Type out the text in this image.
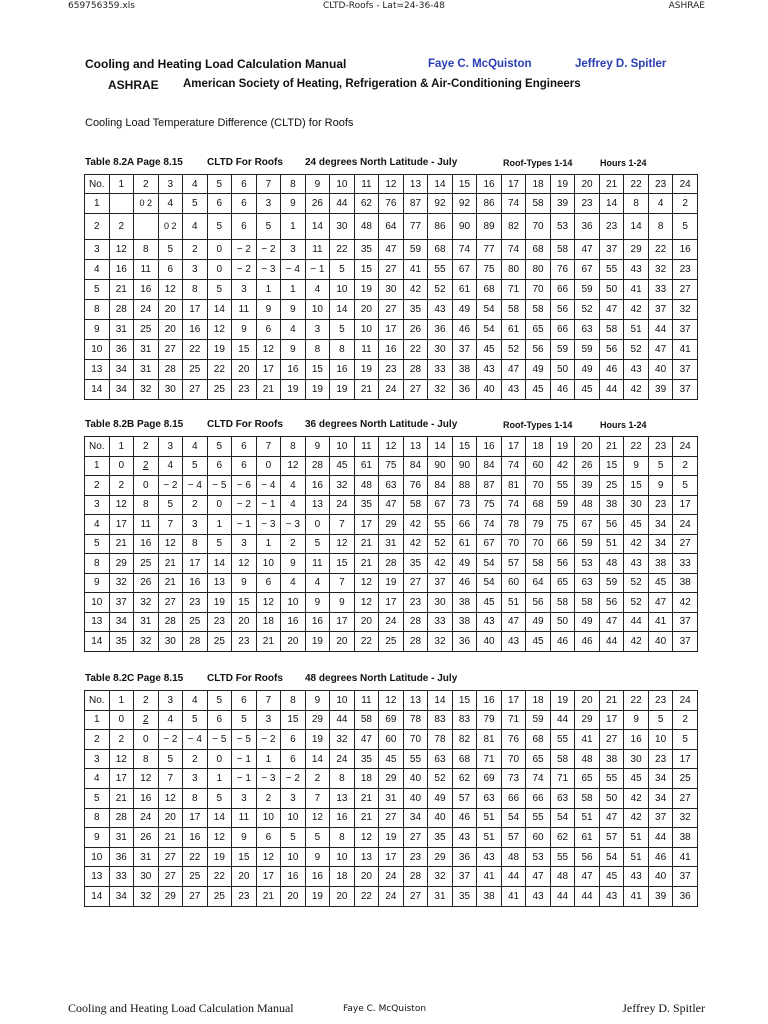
659756359.xls	CLTD-Roofs - Lat=24-36-48	ASHRAE
Cooling and Heating Load Calculation Manual	Faye C. McQuiston	Jeffrey D. Spitler
ASHRAE American Society of Heating, Refrigeration & Air-Conditioning Engineers
Cooling Load Temperature Difference (CLTD) for Roofs
Table 8.2A Page 8.15 CLTD For Roofs 24 degrees North Latitude - July	Roof-Types 1-14	Hours 1-24
No.	1	2	3	4	5	6	7	8	9	10	11	12	13	14	15	16	17	18	19	20	21	22	23	24
1		0 2	4	5	6	6	3	9	26	44	62	76	87	92	92	86	74	58	39	23	14	8	4	2
2	2		0 2	4	5	6	5	1	14	30	48	64	77	86	90	89	82	70	53	36	23	14	8	5
3	12	8	5	2	0	− 2	− 2	3	11	22	35	47	59	68	74	77	74	68	58	47	37	29	22	16
4	16	11	6	3	0	− 2	− 3	− 4	− 1	5	15	27	41	55	67	75	80	80	76	67	55	43	32	23
5	21	16	12	8	5	3	1	1	4	10	19	30	42	52	61	68	71	70	66	59	50	41	33	27
8	28	24	20	17	14	11	9	9	10	14	20	27	35	43	49	54	58	58	56	52	47	42	37	32
9	31	25	20	16	12	9	6	4	3	5	10	17	26	36	46	54	61	65	66	63	58	51	44	37
10	36	31	27	22	19	15	12	9	8	8	11	16	22	30	37	45	52	56	59	59	56	52	47	41
13	34	31	28	25	22	20	17	16	15	16	19	23	28	33	38	43	47	49	50	49	46	43	40	37
14	34	32	30	27	25	23	21	19	19	19	21	24	27	32	36	40	43	45	46	45	44	42	39	37
Table 8.2B Page 8.15 CLTD For Roofs 36 degrees North Latitude - July	Roof-Types 1-14	Hours 1-24
No.	1	2	3	4	5	6	7	8	9	10	11	12	13	14	15	16	17	18	19	20	21	22	23	24
1	0	2	4	5	6	6	0	12	28	45	61	75	84	90	90	84	74	60	42	26	15	9	5	2
2	2	0	− 2	− 4	− 5	− 6	− 4	4	16	32	48	63	76	84	88	87	81	70	55	39	25	15	9	5
3	12	8	5	2	0	− 2	− 1	4	13	24	35	47	58	67	73	75	74	68	59	48	38	30	23	17
4	17	11	7	3	1	− 1	− 3	− 3	0	7	17	29	42	55	66	74	78	79	75	67	56	45	34	24
5	21	16	12	8	5	3	1	2	5	12	21	31	42	52	61	67	70	70	66	59	51	42	34	27
8	29	25	21	17	14	12	10	9	11	15	21	28	35	42	49	54	57	58	56	53	48	43	38	33
9	32	26	21	16	13	9	6	4	4	7	12	19	27	37	46	54	60	64	65	63	59	52	45	38
10	37	32	27	23	19	15	12	10	9	9	12	17	23	30	38	45	51	56	58	58	56	52	47	42
13	34	31	28	25	23	20	18	16	16	17	20	24	28	33	38	43	47	49	50	49	47	44	41	37
14	35	32	30	28	25	23	21	20	19	20	22	25	28	32	36	40	43	45	46	46	44	42	40	37
Table 8.2C Page 8.15 CLTD For Roofs 48 degrees North Latitude - July
No.	1	2	3	4	5	6	7	8	9	10	11	12	13	14	15	16	17	18	19	20	21	22	23	24
1	0	2	4	5	6	5	3	15	29	44	58	69	78	83	83	79	71	59	44	29	17	9	5	2
2	2	0	− 2	− 4	− 5	− 5	− 2	6	19	32	47	60	70	78	82	81	76	68	55	41	27	16	10	5
3	12	8	5	2	0	− 1	1	6	14	24	35	45	55	63	68	71	70	65	58	48	38	30	23	17
4	17	12	7	3	1	− 1	− 3	− 2	2	8	18	29	40	52	62	69	73	74	71	65	55	45	34	25
5	21	16	12	8	5	3	2	3	7	13	21	31	40	49	57	63	66	66	63	58	50	42	34	27
8	28	24	20	17	14	11	10	10	12	16	21	27	34	40	46	51	54	55	54	51	47	42	37	32
9	31	26	21	16	12	9	6	5	5	8	12	19	27	35	43	51	57	60	62	61	57	51	44	38
10	36	31	27	22	19	15	12	10	9	10	13	17	23	29	36	43	48	53	55	56	54	51	46	41
13	33	30	27	25	22	20	17	16	16	18	20	24	28	32	37	41	44	47	48	47	45	43	40	37
14	34	32	29	27	25	23	21	20	19	20	22	24	27	31	35	38	41	43	44	44	43	41	39	36
Cooling and Heating Load Calculation Manual	Faye C. McQuiston	Jeffrey D. Spitler
